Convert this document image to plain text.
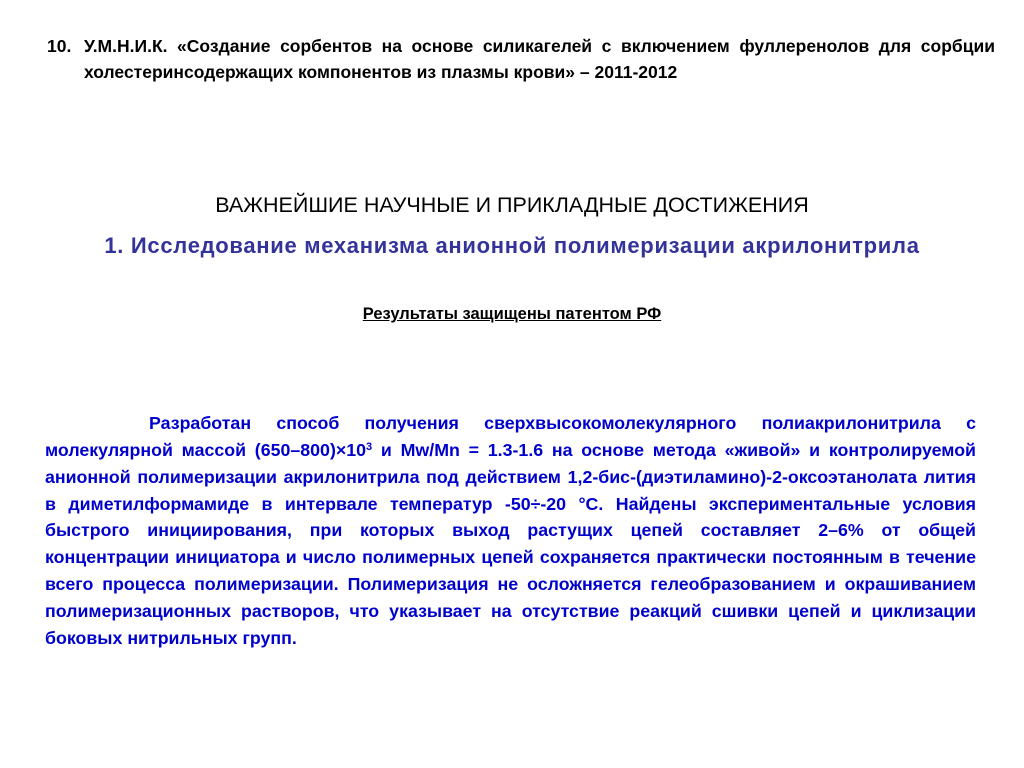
10. У.М.Н.И.К. «Создание сорбентов на основе силикагелей с включением фуллеренолов для сорбции холестеринсодержащих компонентов из плазмы крови» – 2011-2012
ВАЖНЕЙШИЕ НАУЧНЫЕ И ПРИКЛАДНЫЕ ДОСТИЖЕНИЯ
1. Исследование механизма анионной полимеризации акрилонитрила
Результаты защищены патентом РФ
Разработан способ получения сверхвысокомолекулярного полиакрилонитрила с молекулярной массой $(650-800)\times 10^3$ и Mw/Mn = 1.3-1.6 на основе метода «живой» и контролируемой анионной полимеризации акрилонитрила под действием 1,2-бис-(диэтиламино)-2-оксоэтанолата лития в диметилформамиде в интервале температур -50÷-20 °С. Найдены экспериментальные условия быстрого инициирования, при которых выход растущих цепей составляет 2–6% от общей концентрации инициатора и число полимерных цепей сохраняется практически постоянным в течение всего процесса полимеризации. Полимеризация не осложняется гелеобразованием и окрашиванием полимеризационных растворов, что указывает на отсутствие реакций сшивки цепей и циклизации боковых нитрильных групп.
